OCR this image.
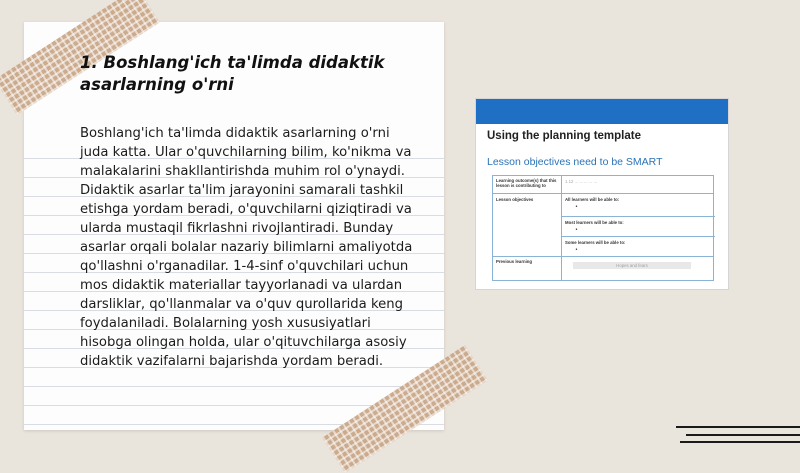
1. Boshlang'ich ta'limda didaktik asarlarning o'rni

Boshlang'ich ta'limda didaktik asarlarning o'rni juda katta. Ular o'quvchilarning bilim, ko'nikma va malakalarini shakllantirishda muhim rol o'ynaydi. Didaktik asarlar ta'lim jarayonini samarali tashkil etishga yordam beradi, o'quvchilarni qiziqtiradi va ularda mustaqil fikrlashni rivojlantiradi. Bunday asarlar orqali bolalar nazariy bilimlarni amaliyotda qo'llashni o'rganadilar. 1-4-sinf o'quvchilari uchun mos didaktik materiallar tayyorlanadi va ulardan darsliklar, qo'llanmalar va o'quv qurollarida keng foydalaniladi. Bolalarning yosh xususiyatlari hisobga olingan holda, ular o'qituvchilarga asosiy didaktik vazifalarni bajarishda yordam beradi.

Using the planning template
Lesson objectives need to be SMART
Learning outcome(s) that this lesson is contributing to
1.12 ... ... ... ... ...
Lesson objectives	All learners will be able to:
•
Most learners will be able to:
•
Some learners will be able to:
•
Previous learning
Hopes and fears
